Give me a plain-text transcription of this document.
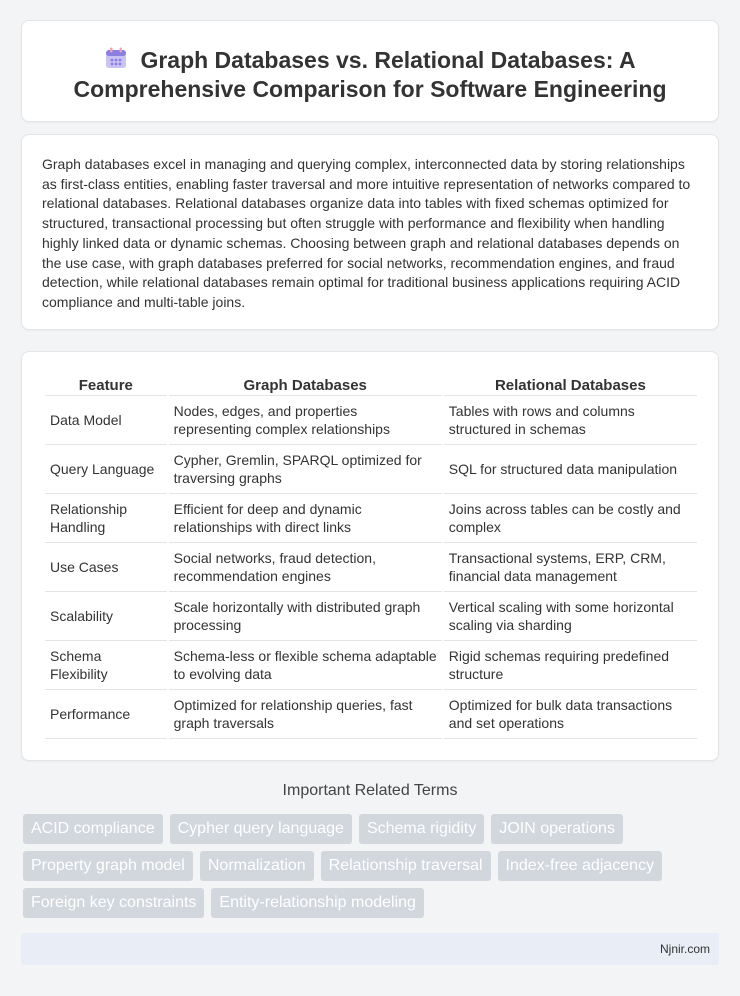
Graph Databases vs. Relational Databases: A
Comprehensive Comparison for Software Engineering

Graph databases excel in managing and querying complex, interconnected data by storing relationships as first-class entities, enabling faster traversal and more intuitive representation of networks compared to relational databases. Relational databases organize data into tables with fixed schemas optimized for structured, transactional processing but often struggle with performance and flexibility when handling highly linked data or dynamic schemas. Choosing between graph and relational databases depends on the use case, with graph databases preferred for social networks, recommendation engines, and fraud detection, while relational databases remain optimal for traditional business applications requiring ACID compliance and multi-table joins.

Feature	Graph Databases	Relational Databases
Data Model	Nodes, edges, and properties representing complex relationships	Tables with rows and columns structured in schemas
Query Language	Cypher, Gremlin, SPARQL optimized for traversing graphs	SQL for structured data manipulation
Relationship Handling	Efficient for deep and dynamic relationships with direct links	Joins across tables can be costly and complex
Use Cases	Social networks, fraud detection, recommendation engines	Transactional systems, ERP, CRM, financial data management
Scalability	Scale horizontally with distributed graph processing	Vertical scaling with some horizontal scaling via sharding
Schema Flexibility	Schema-less or flexible schema adaptable to evolving data	Rigid schemas requiring predefined structure
Performance	Optimized for relationship queries, fast graph traversals	Optimized for bulk data transactions and set operations
Important Related Terms
ACID compliance	Cypher query language	Schema rigidity	JOIN operations
Property graph model	Normalization	Relationship traversal	Index-free adjacency
Foreign key constraints	Entity-relationship modeling
Njnir.com
